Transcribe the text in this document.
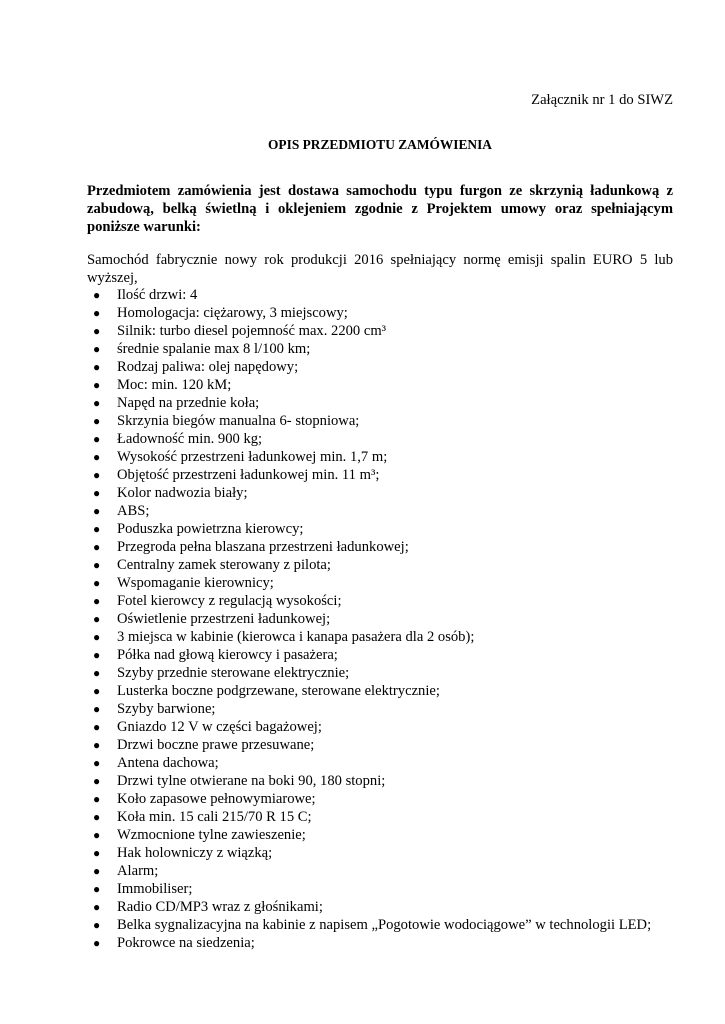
Załącznik nr 1 do SIWZ
OPIS PRZEDMIOTU ZAMÓWIENIA

Przedmiotem zamówienia jest dostawa samochodu typu furgon ze skrzynią ładunkową z zabudową, belką świetlną i oklejeniem zgodnie z Projektem umowy oraz spełniającym poniższe warunki:

Samochód fabrycznie nowy rok produkcji 2016 spełniający normę emisji spalin EURO 5 lub wyższej,

● Ilość drzwi: 4
● Homologacja: ciężarowy, 3 miejscowy;
● Silnik: turbo diesel pojemność max. 2200 cm³
● średnie spalanie max 8 l/100 km;
● Rodzaj paliwa: olej napędowy;
● Moc: min. 120 kM;
● Napęd na przednie koła;
● Skrzynia biegów manualna 6- stopniowa;
● Ładowność min. 900 kg;
● Wysokość przestrzeni ładunkowej min. 1,7 m;
● Objętość przestrzeni ładunkowej min. 11 m³;
● Kolor nadwozia biały;
● ABS;
● Poduszka powietrzna kierowcy;
● Przegroda pełna blaszana przestrzeni ładunkowej;
● Centralny zamek sterowany z pilota;
● Wspomaganie kierownicy;
● Fotel kierowcy z regulacją wysokości;
● Oświetlenie przestrzeni ładunkowej;
● 3 miejsca w kabinie (kierowca i kanapa pasażera dla 2 osób);
● Półka nad głową kierowcy i pasażera;
● Szyby przednie sterowane elektrycznie;
● Lusterka boczne podgrzewane, sterowane elektrycznie;
● Szyby barwione;
● Gniazdo 12 V w części bagażowej;
● Drzwi boczne prawe przesuwane;
● Antena dachowa;
● Drzwi tylne otwierane na boki 90, 180 stopni;
● Koło zapasowe pełnowymiarowe;
● Koła min. 15 cali 215/70 R 15 C;
● Wzmocnione tylne zawieszenie;
● Hak holowniczy z wiązką;
● Alarm;
● Immobiliser;
● Radio CD/MP3 wraz z głośnikami;
● Belka sygnalizacyjna na kabinie z napisem „Pogotowie wodociągowe” w technologii LED;
● Pokrowce na siedzenia;
